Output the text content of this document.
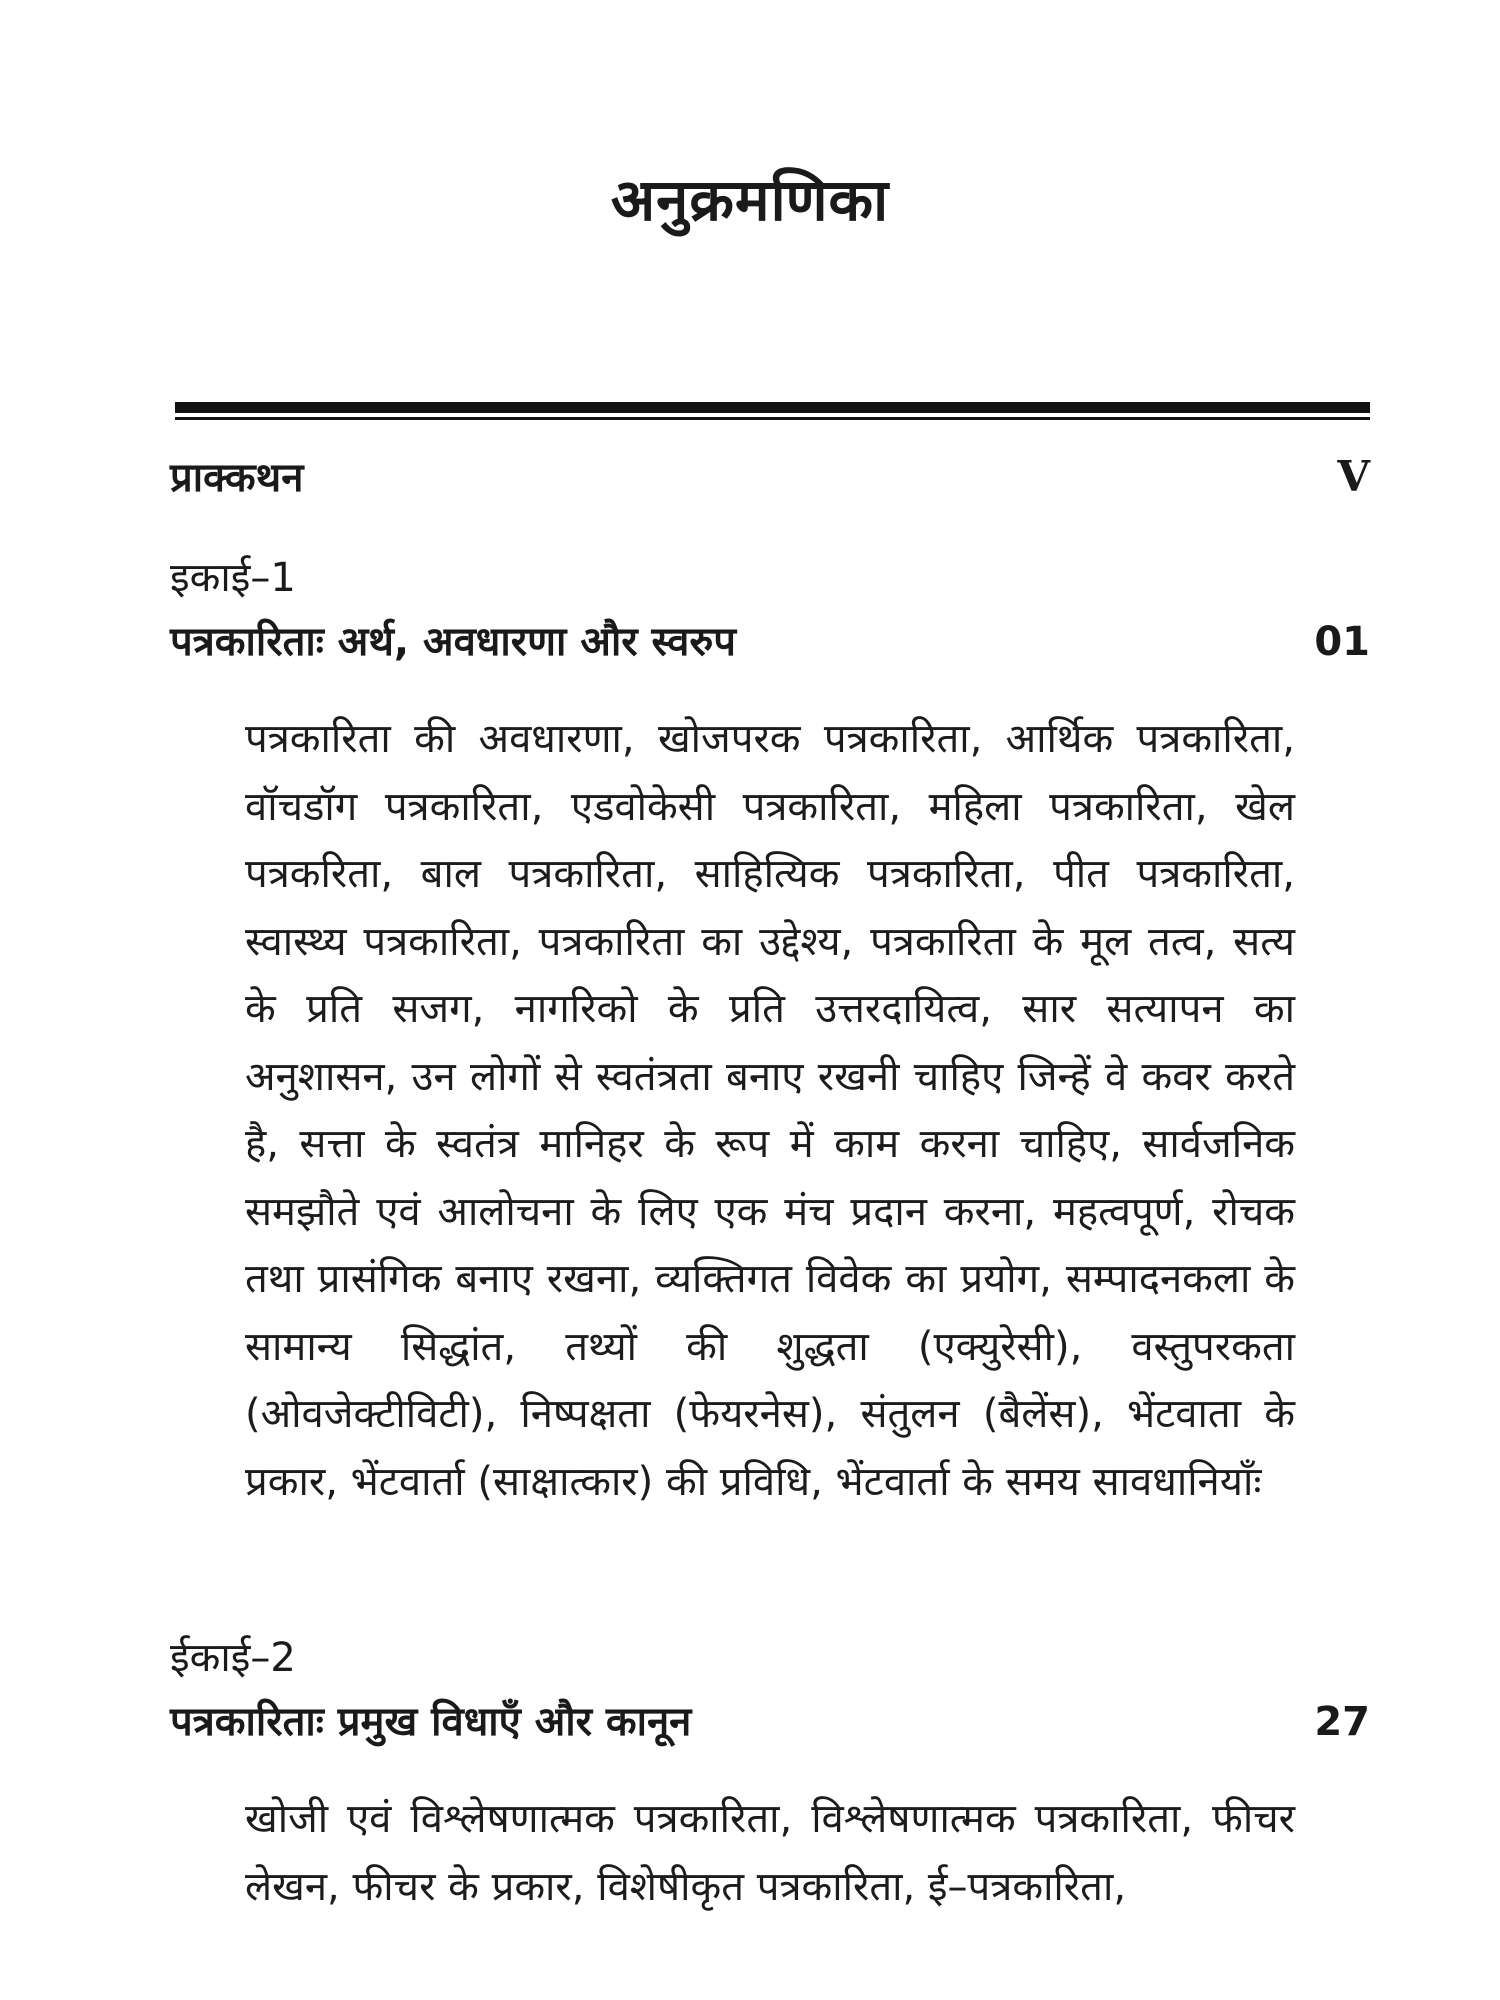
अनुक्रमणिका
प्राक्कथन	V
इकाई–1
पत्रकारिताः अर्थ, अवधारणा और स्वरुप	01
पत्रकारिता की अवधारणा, खोजपरक पत्रकारिता, आर्थिक पत्रकारिता, वॉचडॉग पत्रकारिता, एडवोकेसी पत्रकारिता, महिला पत्रकारिता, खेल पत्रकरिता, बाल पत्रकारिता, साहित्यिक पत्रकारिता, पीत पत्रकारिता, स्वास्थ्य पत्रकारिता, पत्रकारिता का उद्देश्य, पत्रकारिता के मूल तत्व, सत्य के प्रति सजग, नागरिको के प्रति उत्तरदायित्व, सार सत्यापन का अनुशासन, उन लोगों से स्वतंत्रता बनाए रखनी चाहिए जिन्हें वे कवर करते है, सत्ता के स्वतंत्र मानिहर के रूप में काम करना चाहिए, सार्वजनिक समझौते एवं आलोचना के लिए एक मंच प्रदान करना, महत्वपूर्ण, रोचक तथा प्रासंगिक बनाए रखना, व्यक्तिगत विवेक का प्रयोग, सम्पादनकला के सामान्य सिद्धांत, तथ्यों की शुद्धता (एक्युरेसी), वस्तुपरकता (ओवजेक्टीविटी), निष्पक्षता (फेयरनेस), संतुलन (बैलेंस), भेंटवाता के प्रकार, भेंटवार्ता (साक्षात्कार) की प्रविधि, भेंटवार्ता के समय सावधानियाँः
ईकाई–2
पत्रकारिताः प्रमुख विधाएँ और कानून	27
खोजी एवं विश्लेषणात्मक पत्रकारिता, विश्लेषणात्मक पत्रकारिता, फीचर लेखन, फीचर के प्रकार, विशेषीकृत पत्रकारिता, ई–पत्रकारिता,
